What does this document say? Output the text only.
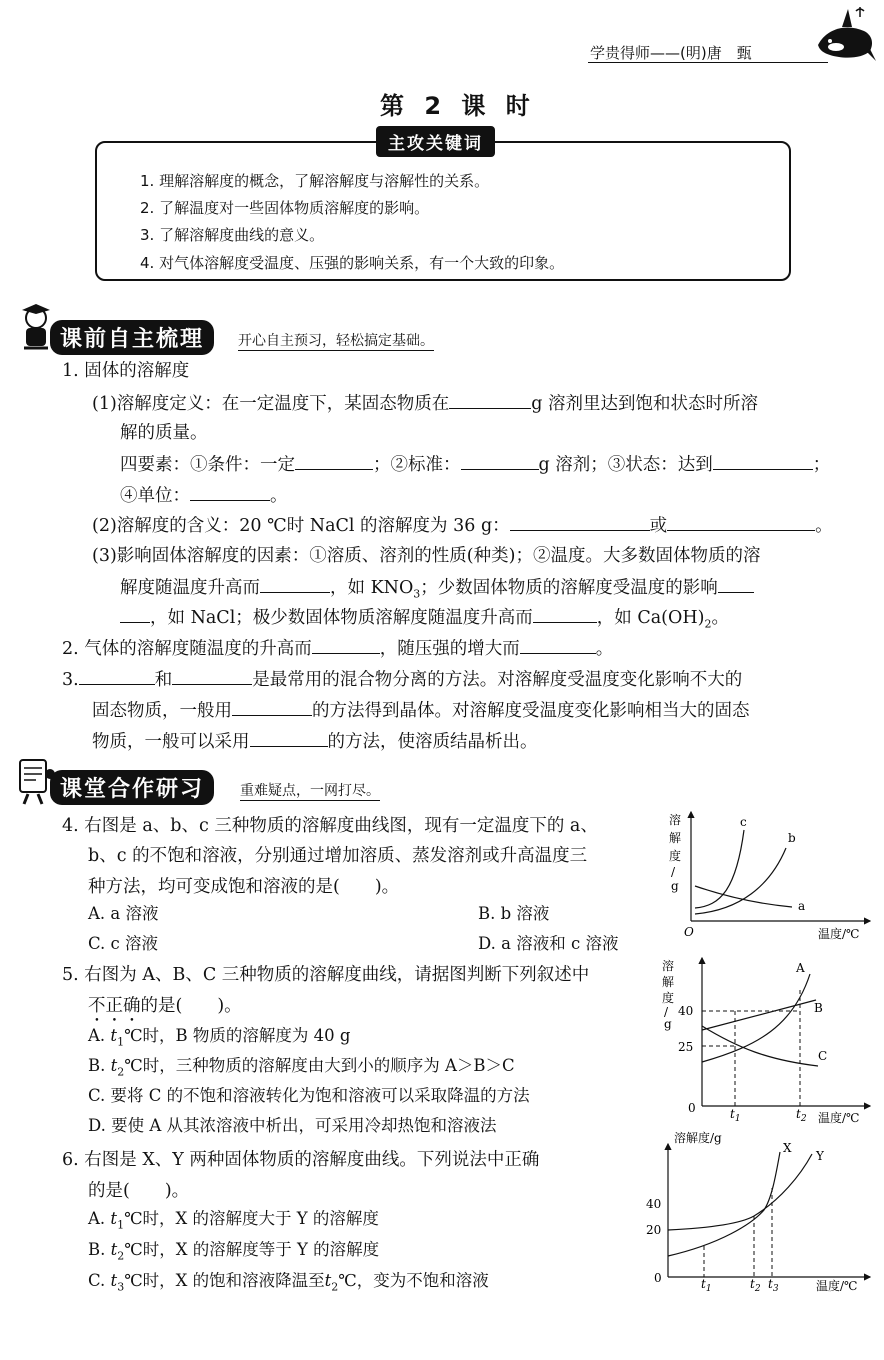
学贵得师——(明)唐　甄
第 2 课 时
主攻关键词
1. 理解溶解度的概念，了解溶解度与溶解性的关系。
2. 了解温度对一些固体物质溶解度的影响。
3. 了解溶解度曲线的意义。
4. 对气体溶解度受温度、压强的影响关系，有一个大致的印象。
课前自主梳理	开心自主预习，轻松搞定基础。
1. 固体的溶解度
(1)溶解度定义：在一定温度下，某固态物质在	g 溶剂里达到饱和状态时所溶
解的质量。
四要素：①条件：一定	；②标准：	g 溶剂；③状态：达到	；
④单位：	。
(2)溶解度的含义：20 ℃时 NaCl 的溶解度为 36 g：	或	。
(3)影响固体溶解度的因素：①溶质、溶剂的性质(种类)；②温度。大多数固体物质的溶
解度随温度升高而	，如 $KNO_3$；少数固体物质的溶解度受温度的影响
，如 NaCl；极少数固体物质溶解度随温度升高而	，如 $Ca(OH)_2$。
2. 气体的溶解度随温度的升高而	，随压强的增大而	。
3.	和	是最常用的混合物分离的方法。对溶解度受温度变化影响不大的
固态物质，一般用	的方法得到晶体。对溶解度受温度变化影响相当大的固态
物质，一般可以采用	的方法，使溶质结晶析出。
课堂合作研习	重难疑点，一网打尽。
4. 右图是 a、b、c 三种物质的溶解度曲线图，现有一定温度下的 a、
b、c 的不饱和溶液，分别通过增加溶质、蒸发溶剂或升高温度三
种方法，均可变成饱和溶液的是(　　)。
A. a 溶液	B. b 溶液
C. c 溶液	D. a 溶液和 c 溶液
溶
解
度
/
g
O	温度/℃
c
b
a
5. 右图为 A、B、C 三种物质的溶解度曲线，请据图判断下列叙述中
不正确的是(　　)。
A. $t_1℃$时，B 物质的溶解度为 40 g
B. $t_2℃$时，三种物质的溶解度由大到小的顺序为 A＞B＞C
C. 要将 C 的不饱和溶液转化为饱和溶液可以采取降温的方法
D. 要使 A 从其浓溶液中析出，可采用冷却热饱和溶液法
溶
解
度
/
g
40
25
0	$t_1$	$t_2$ 温度/℃
A
B
C
6. 右图是 X、Y 两种固体物质的溶解度曲线。下列说法中正确
的是(　　)。
A. $t_1℃$时，X 的溶解度大于 Y 的溶解度
B. $t_2℃$时，X 的溶解度等于 Y 的溶解度
C. $t_3℃$时，X 的饱和溶液降温至$t_2℃$，变为不饱和溶液
溶解度/g
40
20
0	$t_1$	$t_2$ $t_3$	温度/℃
X
Y
